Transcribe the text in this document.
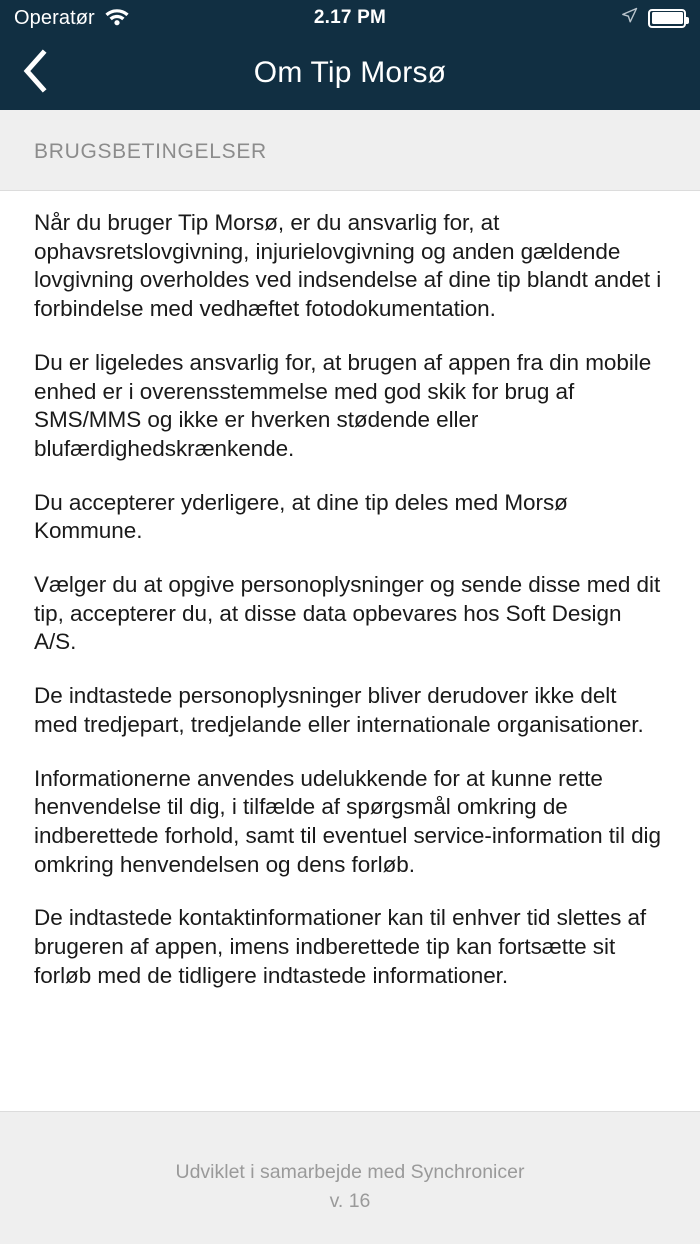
Operatør	2.17 PM
Om Tip Morsø
BRUGSBETINGELSER

Når du bruger Tip Morsø, er du ansvarlig for, at ophavsretslovgivning, injurielovgivning og anden gældende lovgivning overholdes ved indsendelse af dine tip blandt andet i forbindelse med vedhæftet fotodokumentation.

Du er ligeledes ansvarlig for, at brugen af appen fra din mobile enhed er i overensstemmelse med god skik for brug af SMS/MMS og ikke er hverken stødende eller blufærdighedskrænkende.

Du accepterer yderligere, at dine tip deles med Morsø Kommune.

Vælger du at opgive personoplysninger og sende disse med dit tip, accepterer du, at disse data opbevares hos Soft Design A/S.

De indtastede personoplysninger bliver derudover ikke delt med tredjepart, tredjelande eller internationale organisationer.

Informationerne anvendes udelukkende for at kunne rette henvendelse til dig, i tilfælde af spørgsmål omkring de indberettede forhold, samt til eventuel service-information til dig omkring henvendelsen og dens forløb.

De indtastede kontaktinformationer kan til enhver tid slettes af brugeren af appen, imens indberettede tip kan fortsætte sit forløb med de tidligere indtastede informationer.

Udviklet i samarbejde med Synchronicer
v. 16
